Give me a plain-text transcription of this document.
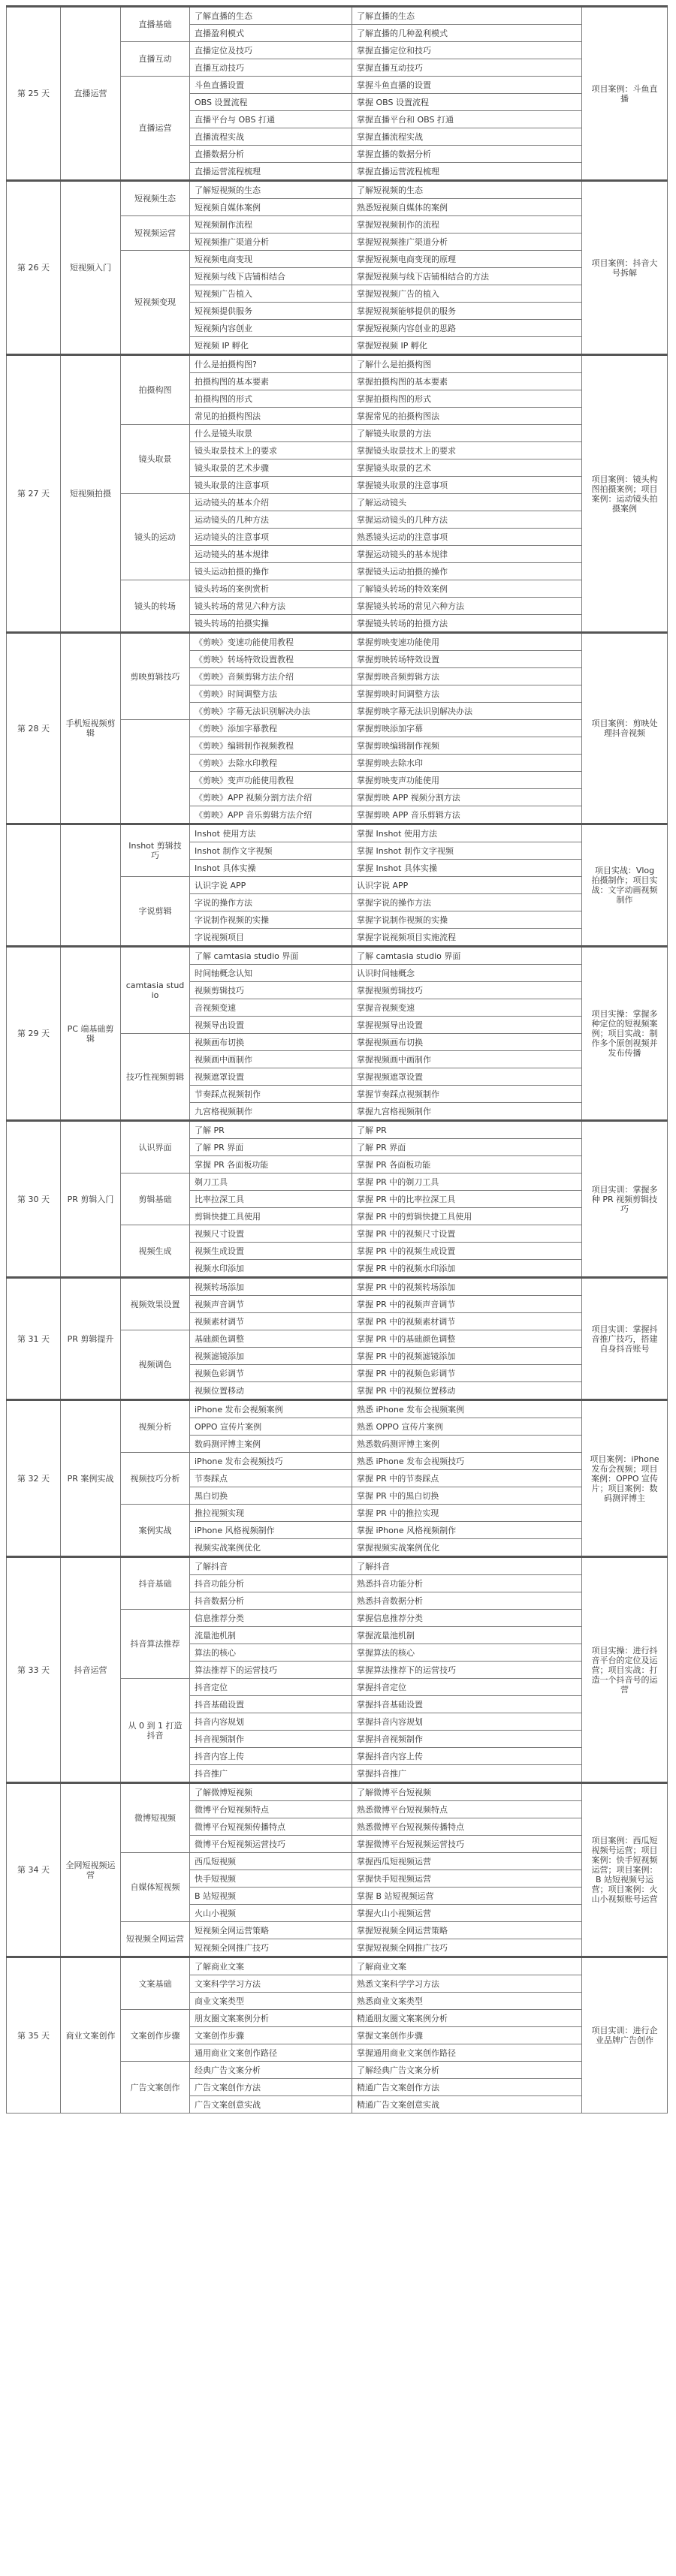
第 25 天	直播运营	直播基础	了解直播的生态	了解直播的生态	项目案例：斗鱼直播
			直播盈利模式	了解直播的几种盈利模式	
		直播互动	直播定位及技巧	掌握直播定位和技巧	
			直播互动技巧	掌握直播互动技巧	
		直播运营	斗鱼直播设置	掌握斗鱼直播的设置	
			OBS 设置流程	掌握 OBS 设置流程	
			直播平台与 OBS 打通	掌握直播平台和 OBS 打通	
			直播流程实战	掌握直播流程实战	
			直播数据分析	掌握直播的数据分析	
			直播运营流程梳理	掌握直播运营流程梳理	
第 26 天	短视频入门	短视频生态	了解短视频的生态	了解短视频的生态	项目案例：抖音大号拆解
			短视频自媒体案例	熟悉短视频自媒体的案例	
		短视频运营	短视频制作流程	掌握短视频制作的流程	
			短视频推广渠道分析	掌握短视频推广渠道分析	
		短视频变现	短视频电商变现	掌握短视频电商变现的原理	
			短视频与线下店铺相结合	掌握短视频与线下店铺相结合的方法	
			短视频广告植入	掌握短视频广告的植入	
			短视频提供服务	掌握短视频能够提供的服务	
			短视频内容创业	掌握短视频内容创业的思路	
			短视频 IP 孵化	掌握短视频 IP 孵化	
第 27 天	短视频拍摄	拍摄构图	什么是拍摄构图?	了解什么是拍摄构图	项目案例：镜头构图拍摄案例；项目案例：运动镜头拍摄案例
			拍摄构图的基本要素	掌握拍摄构图的基本要素	
			拍摄构图的形式	掌握拍摄构图的形式	
			常见的拍摄构图法	掌握常见的拍摄构图法	
		镜头取景	什么是镜头取景	了解镜头取景的方法	
			镜头取景技术上的要求	掌握镜头取景技术上的要求	
			镜头取景的艺术步骤	掌握镜头取景的艺术	
			镜头取景的注意事项	掌握镜头取景的注意事项	
		镜头的运动	运动镜头的基本介绍	了解运动镜头	
			运动镜头的几种方法	掌握运动镜头的几种方法	
			运动镜头的注意事项	熟悉镜头运动的注意事项	
			运动镜头的基本规律	掌握运动镜头的基本规律	
			镜头运动拍摄的操作	掌握镜头运动拍摄的操作	
		镜头的转场	镜头转场的案例赏析	了解镜头转场的特效案例	
			镜头转场的常见六种方法	掌握镜头转场的常见六种方法	
			镜头转场的拍摄实操	掌握镜头转场的拍摄方法	
第 28 天	手机短视频剪辑	剪映剪辑技巧	《剪映》变速功能使用教程	掌握剪映变速功能使用	项目案例：剪映处理抖音视频
			《剪映》转场特效设置教程	掌握剪映转场特效设置	
			《剪映》音频剪辑方法介绍	掌握剪映音频剪辑方法	
			《剪映》时间调整方法	掌握剪映时间调整方法	
			《剪映》字幕无法识别解决办法	掌握剪映字幕无法识别解决办法	
			《剪映》添加字幕教程	掌握剪映添加字幕	
			《剪映》编辑制作视频教程	掌握剪映编辑制作视频	
			《剪映》去除水印教程	掌握剪映去除水印	
			《剪映》变声功能使用教程	掌握剪映变声功能使用	
			《剪映》APP 视频分割方法介绍	掌握剪映 APP 视频分割方法	
			《剪映》APP 音乐剪辑方法介绍	掌握剪映 APP 音乐剪辑方法	
		Inshot 剪辑技巧	Inshot 使用方法	掌握 Inshot 使用方法	项目实战：Vlog 拍摄制作；项目实战：文字动画视频制作
			Inshot 制作文字视频	掌握 Inshot 制作文字视频	
			Inshot 具体实操	掌握 Inshot 具体实操	
		字说剪辑	认识字说 APP	认识字说 APP	
			字说的操作方法	掌握字说的操作方法	
			字说制作视频的实操	掌握字说制作视频的实操	
			字说视频项目	掌握字说视频项目实施流程	
第 29 天	PC 端基础剪辑	camtasia studio	了解 camtasia studio 界面	了解 camtasia studio 界面	项目实操：掌握多种定位的短视频案例；项目实战：制作多个原创视频并发布传播
			时间轴概念认知	认识时间轴概念	
			视频剪辑技巧	掌握视频剪辑技巧	
			音视频变速	掌握音视频变速	
			视频导出设置	掌握视频导出设置	
		技巧性视频剪辑	视频画布切换	掌握视频画布切换	
			视频画中画制作	掌握视频画中画制作	
			视频遮罩设置	掌握视频遮罩设置	
			节奏踩点视频制作	掌握节奏踩点视频制作	
			九宫格视频制作	掌握九宫格视频制作	
第 30 天	PR 剪辑入门	认识界面	了解 PR	了解 PR	项目实训：掌握多种 PR 视频剪辑技巧
			了解 PR 界面	了解 PR 界面	
			掌握 PR 各面板功能	掌握 PR 各面板功能	
		剪辑基础	剃刀工具	掌握 PR 中的剃刀工具	
			比率拉深工具	掌握 PR 中的比率拉深工具	
			剪辑快捷工具使用	掌握 PR 中的剪辑快捷工具使用	
		视频生成	视频尺寸设置	掌握 PR 中的视频尺寸设置	
			视频生成设置	掌握 PR 中的视频生成设置	
			视频水印添加	掌握 PR 中的视频水印添加	
第 31 天	PR 剪辑提升	视频效果设置	视频转场添加	掌握 PR 中的视频转场添加	项目实训：掌握抖音推广技巧，搭建自身抖音账号
			视频声音调节	掌握 PR 中的视频声音调节	
			视频素材调节	掌握 PR 中的视频素材调节	
		视频调色	基础颜色调整	掌握 PR 中的基础颜色调整	
			视频滤镜添加	掌握 PR 中的视频滤镜添加	
			视频色彩调节	掌握 PR 中的视频色彩调节	
			视频位置移动	掌握 PR 中的视频位置移动	
第 32 天	PR 案例实战	视频分析	iPhone 发布会视频案例	熟悉 iPhone 发布会视频案例	项目案例：iPhone 发布会视频；项目案例：OPPO 宣传片；项目案例：数码测评博主
			OPPO 宣传片案例	熟悉 OPPO 宣传片案例	
			数码测评博主案例	熟悉数码测评博主案例	
		视频技巧分析	iPhone 发布会视频技巧	熟悉 iPhone 发布会视频技巧	
			节奏踩点	掌握 PR 中的节奏踩点	
			黑白切换	掌握 PR 中的黑白切换	
		案例实战	推拉视频实现	掌握 PR 中的推拉实现	
			iPhone 风格视频制作	掌握 iPhone 风格视频制作	
			视频实战案例优化	掌握视频实战案例优化	
第 33 天	抖音运营	抖音基础	了解抖音	了解抖音	项目实操：进行抖音平台的定位及运营；项目实战：打造一个抖音号的运营
			抖音功能分析	熟悉抖音功能分析	
			抖音数据分析	熟悉抖音数据分析	
		抖音算法推荐	信息推荐分类	掌握信息推荐分类	
			流量池机制	掌握流量池机制	
			算法的核心	掌握算法的核心	
			算法推荐下的运营技巧	掌握算法推荐下的运营技巧	
		从 0 到 1 打造抖音	抖音定位	掌握抖音定位	
			抖音基础设置	掌握抖音基础设置	
			抖音内容规划	掌握抖音内容规划	
			抖音视频制作	掌握抖音视频制作	
			抖音内容上传	掌握抖音内容上传	
			抖音推广	掌握抖音推广	
第 34 天	全网短视频运营	微博短视频	了解微博短视频	了解微博平台短视频	项目案例：西瓜短视频号运营；项目案例：快手短视频运营；项目案例：B 站短视频号运营；项目案例：火山小视频账号运营
			微博平台短视频特点	熟悉微博平台短视频特点	
			微博平台短视频传播特点	熟悉微博平台短视频传播特点	
			微博平台短视频运营技巧	掌握微博平台短视频运营技巧	
		自媒体短视频	西瓜短视频	掌握西瓜短视频运营	
			快手短视频	掌握快手短视频运营	
			B 站短视频	掌握 B 站短视频运营	
			火山小视频	掌握火山小视频运营	
		短视频全网运营	短视频全网运营策略	掌握短视频全网运营策略	
			短视频全网推广技巧	掌握短视频全网推广技巧	
第 35 天	商业文案创作	文案基础	了解商业文案	了解商业文案	项目实训：进行企业品牌广告创作
			文案科学学习方法	熟悉文案科学学习方法	
			商业文案类型	熟悉商业文案类型	
		文案创作步骤	朋友圈文案案例分析	精通朋友圈文案案例分析	
			文案创作步骤	掌握文案创作步骤	
			通用商业文案创作路径	掌握通用商业文案创作路径	
		广告文案创作	经典广告文案分析	了解经典广告文案分析	
			广告文案创作方法	精通广告文案创作方法	
			广告文案创意实战	精通广告文案创意实战	
